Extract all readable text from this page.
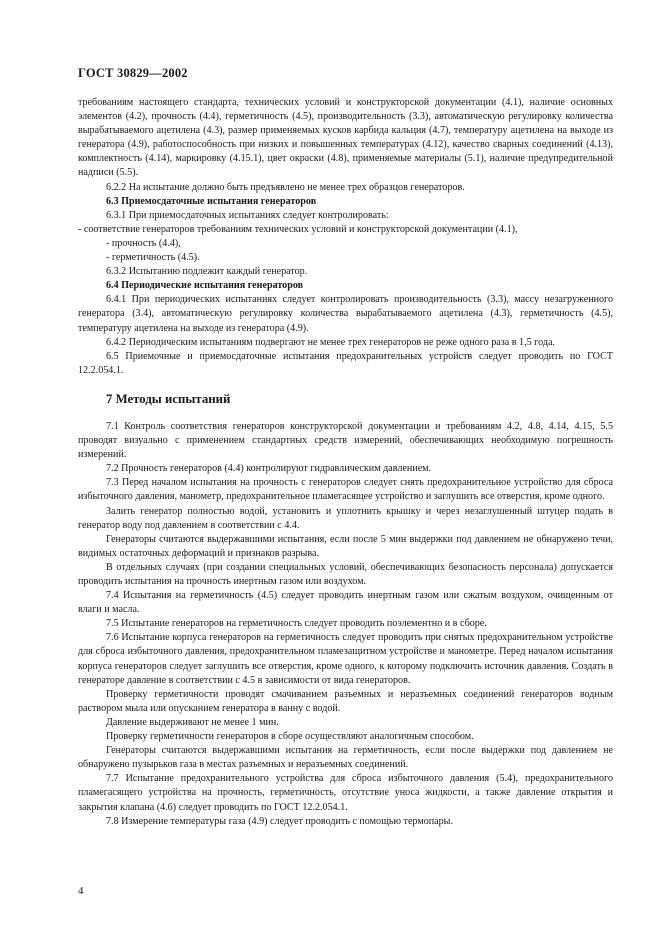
ГОСТ 30829—2002

требованиям настоящего стандарта, технических условий и конструкторской документации (4.1), наличие основных элементов (4.2), прочность (4.4), герметичность (4.5), производительность (3.3), автоматическую регулировку количества вырабатываемого ацетилена (4.3), размер применяемых кусков карбида кальция (4.7), температуру ацетилена на выходе из генератора (4.9), работоспособность при низких и повышенных температурах (4.12), качество сварных соединений (4.13), комплектность (4.14), маркировку (4.15.1), цвет окраски (4.8), применяемые материалы (5.1), наличие предупредительной надписи (5.5).

6.2.2 На испытание должно быть предъявлено не менее трех образцов генераторов.

6.3 Приемосдаточные испытания генераторов

6.3.1 При приемосдаточных испытаниях следует контролировать:

- соответствие генераторов требованиям технических условий и конструкторской документации (4.1),

- прочность (4.4),

- герметичность (4.5).

6.3.2 Испытанию подлежит каждый генератор.

6.4 Периодические испытания генераторов

6.4.1 При периодических испытаниях следует контролировать производительность (3.3), массу незагруженного генератора (3.4), автоматическую регулировку количества вырабатываемого ацетилена (4.3), герметичность (4.5), температуру ацетилена на выходе из генератора (4.9).

6.4.2 Периодическим испытаниям подвергают не менее трех генераторов не реже одного раза в 1,5 года.

6.5 Приемочные и приемосдаточные испытания предохранительных устройств следует проводить по ГОСТ 12.2.054.1.

7 Методы испытаний

7.1 Контроль соответствия генераторов конструкторской документации и требованиям 4.2, 4.8, 4.14, 4.15, 5.5 проводят визуально с применением стандартных средств измерений, обеспечивающих необходимую погрешность измерений.

7.2 Прочность генераторов (4.4) контролируют гидравлическим давлением.

7.3 Перед началом испытания на прочность с генераторов следует снять предохранительное устройство для сброса избыточного давления, манометр, предохранительное пламегасящее устройство и заглушить все отверстия, кроме одного.

Залить генератор полностью водой, установить и уплотнить крышку и через незаглушенный штуцер подать в генератор воду под давлением в соответствии с 4.4.

Генераторы считаются выдержавшими испытания, если после 5 мин выдержки под давлением не обнаружено течи, видимых остаточных деформаций и признаков разрыва.

В отдельных случаях (при создании специальных условий, обеспечивающих безопасность персонала) допускается проводить испытания на прочность инертным газом или воздухом.

7.4 Испытания на герметичность (4.5) следует проводить инертным газом или сжатым воздухом, очищенным от влаги и масла.

7.5 Испытание генераторов на герметичность следует проводить поэлементно и в сборе.

7.6 Испытание корпуса генераторов на герметичность следует проводить при снятых предохранительном устройстве для сброса избыточного давления, предохранительном пламезащитном устройстве и манометре. Перед началом испытания корпуса генераторов следует заглушить все отверстия, кроме одного, к которому подключить источник давления. Создать в генераторе давление в соответствии с 4.5 в зависимости от вида генераторов.

Проверку герметичности проводят смачиванием разъемных и неразъемных соединений генераторов водным раствором мыла или опусканием генератора в ванну с водой.

Давление выдерживают не менее 1 мин.

Проверку герметичности генераторов в сборе осуществляют аналогичным способом.

Генераторы считаются выдержавшими испытания на герметичность, если после выдержки под давлением не обнаружено пузырьков газа в местах разъемных и неразъемных соединений.

7.7 Испытание предохранительного устройства для сброса избыточного давления (5.4), предохранительного пламегасящего устройства на прочность, герметичность, отсутствие уноса жидкости, а также давление открытия и закрытия клапана (4.6) следует проводить по ГОСТ 12.2.054.1.

7.8 Измерение температуры газа (4.9) следует проводить с помощью термопары.

4
